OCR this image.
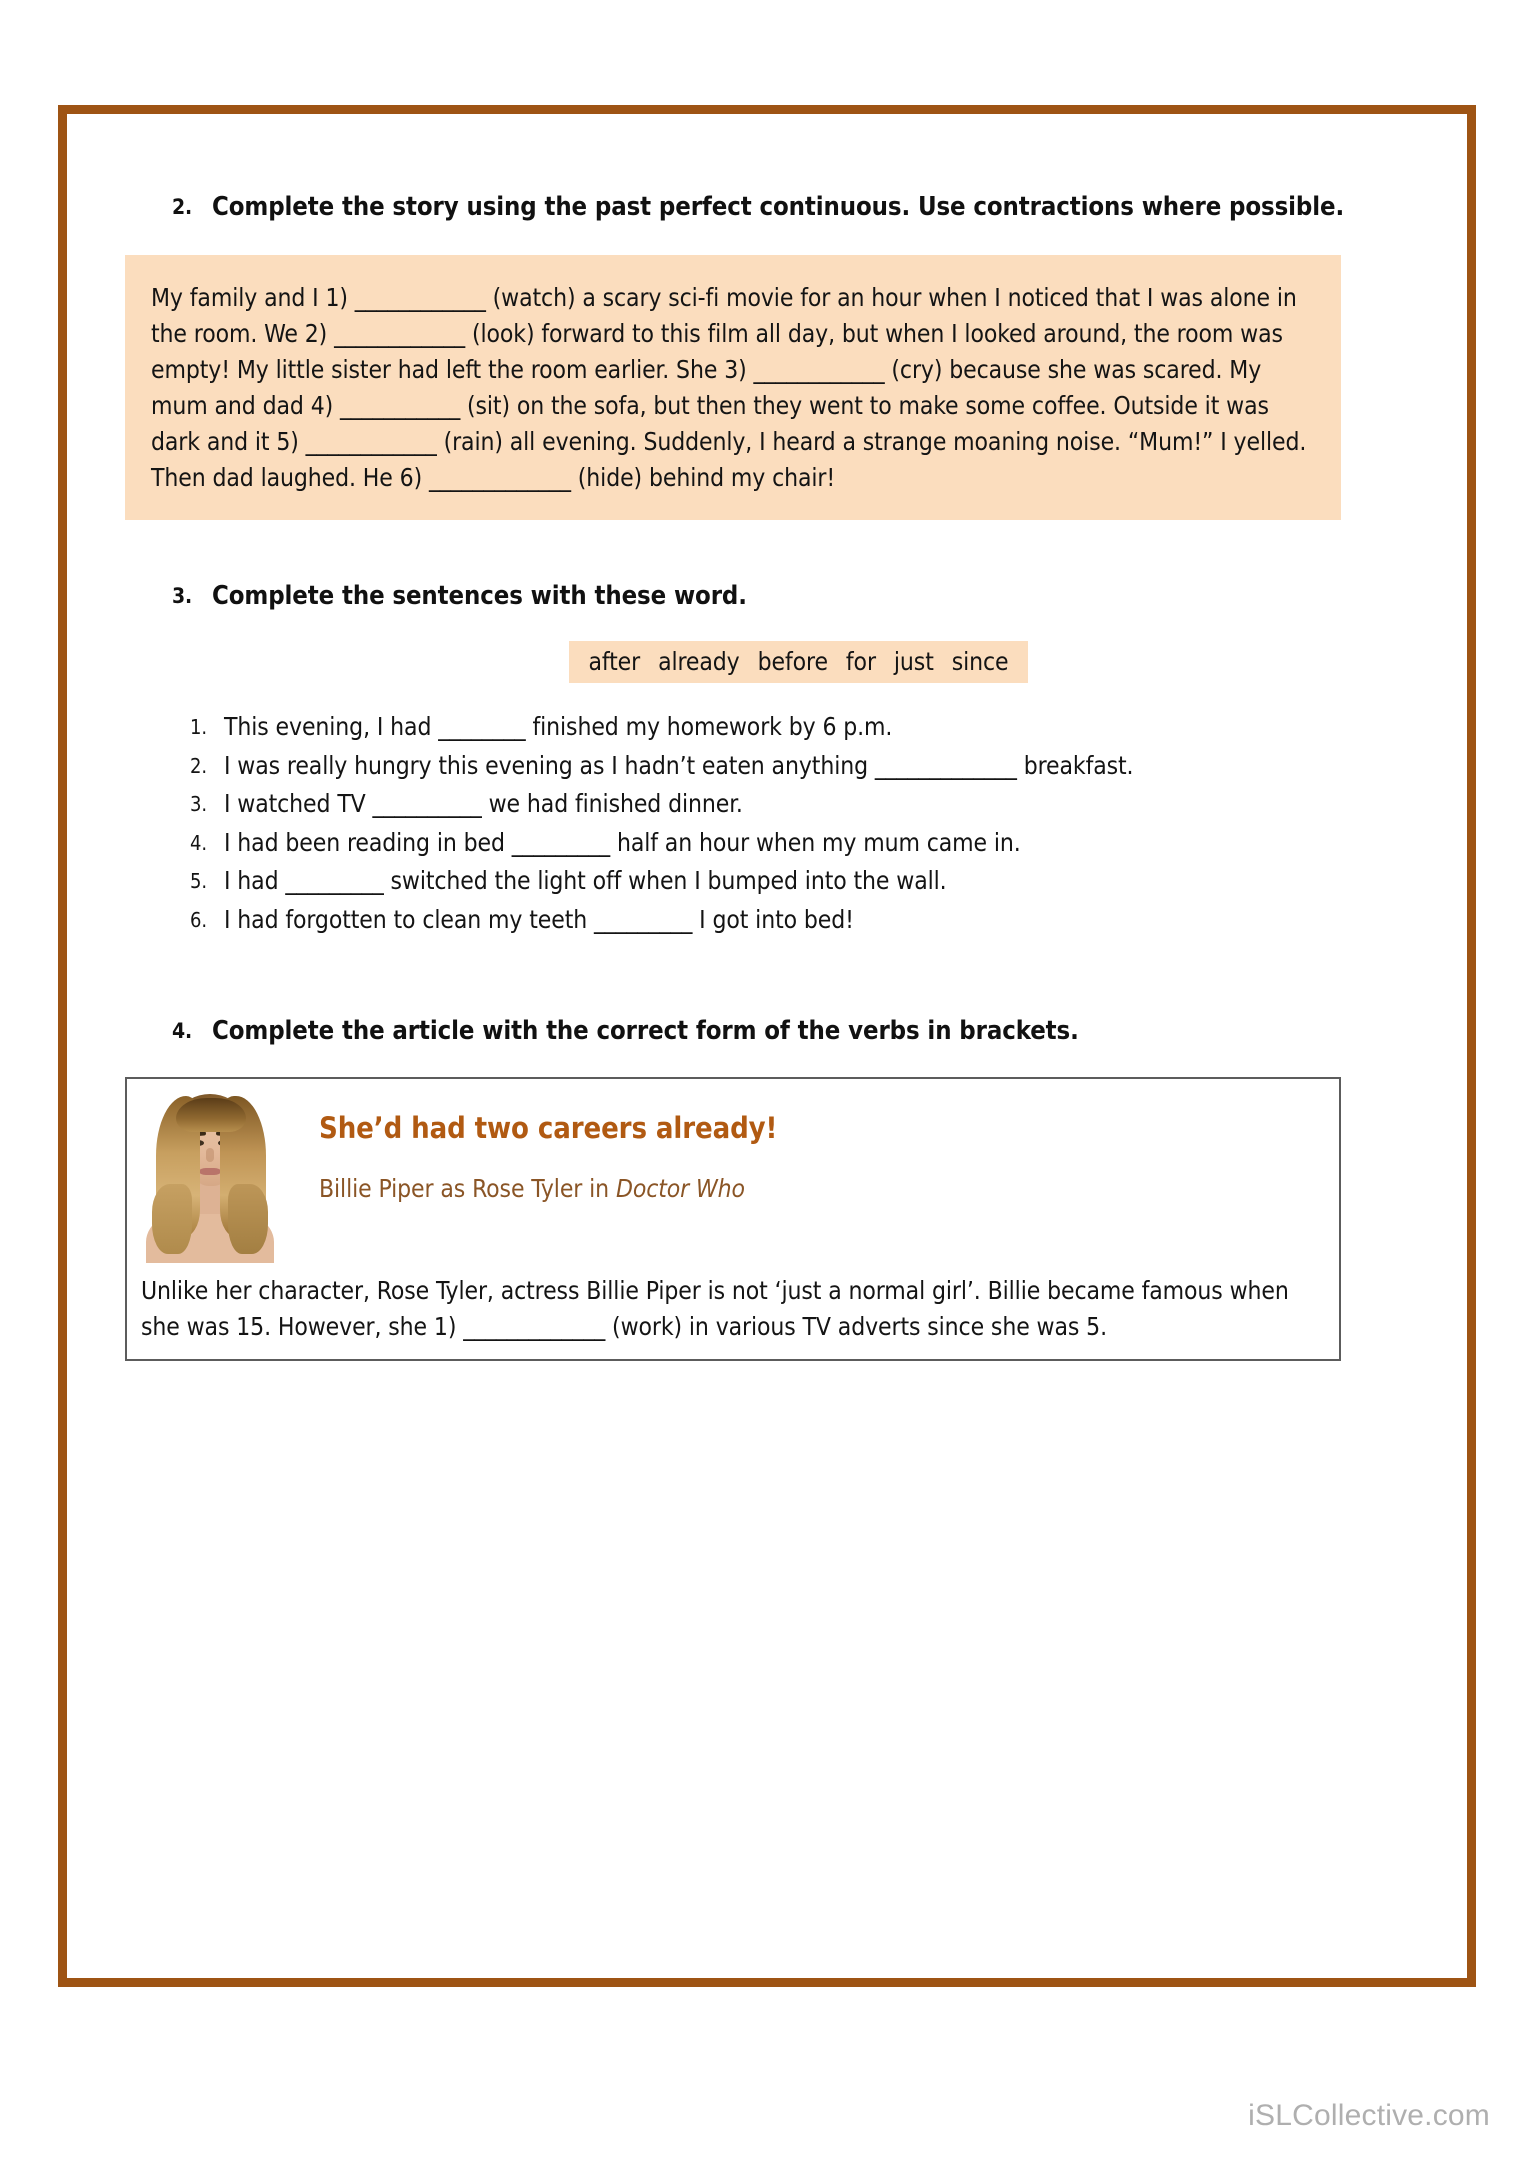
2. Complete the story using the past perfect continuous. Use contractions where possible.
My family and I 1) ____________ (watch) a scary sci-fi movie for an hour when I noticed that I was alone in the room. We 2) ____________ (look) forward to this film all day, but when I looked around, the room was empty! My little sister had left the room earlier. She 3) ____________ (cry) because she was scared. My mum and dad 4) ___________ (sit) on the sofa, but then they went to make some coffee. Outside it was dark and it 5) ____________ (rain) all evening. Suddenly, I heard a strange moaning noise. “Mum!” I yelled. Then dad laughed. He 6) _____________ (hide) behind my chair!
3. Complete the sentences with these word.
after already before for just since
1. This evening, I had ________ finished my homework by 6 p.m.
2. I was really hungry this evening as I hadn’t eaten anything _____________ breakfast.
3. I watched TV __________ we had finished dinner.
4. I had been reading in bed _________ half an hour when my mum came in.
5. I had _________ switched the light off when I bumped into the wall.
6. I had forgotten to clean my teeth _________ I got into bed!
4. Complete the article with the correct form of the verbs in brackets.
She’d had two careers already!
Billie Piper as Rose Tyler in Doctor Who
Unlike her character, Rose Tyler, actress Billie Piper is not ‘just a normal girl’. Billie became famous when she was 15. However, she 1) _____________ (work) in various TV adverts since she was 5.
iSLCollective.com
